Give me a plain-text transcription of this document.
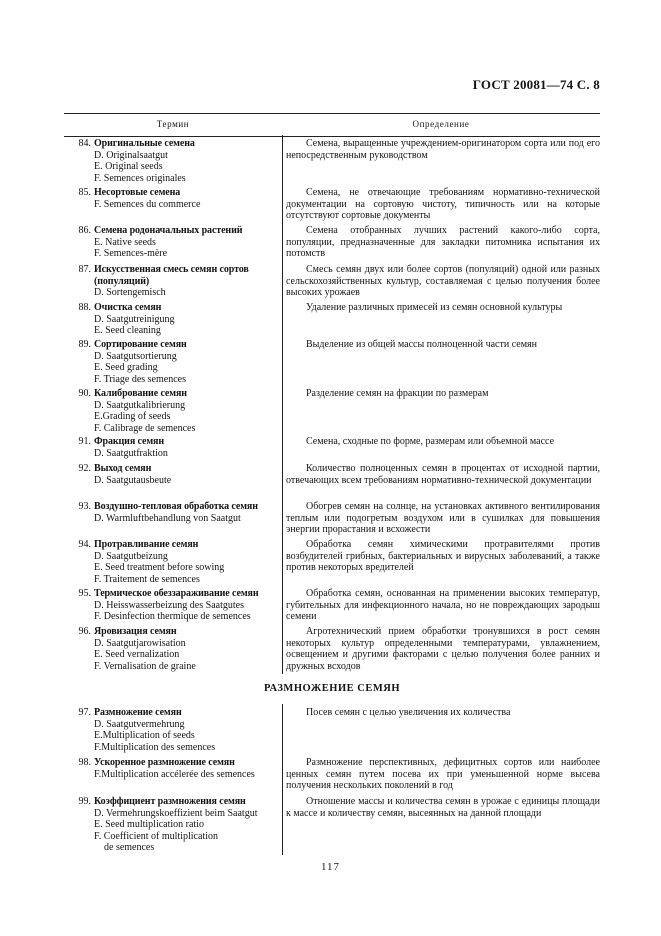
ГОСТ 20081—74 С. 8
Термин	Определение
84. Оригинальные семена
D. Originalsaatgut
E. Original seeds
F. Semences originales
Семена, выращенные учреждением-оригинатором сорта или под его непосредственным руководством
85. Несортовые семена
F. Semences du commerce
Семена, не отвечающие требованиям нормативно-технической документации на сортовую чистоту, типичность или на которые отсутствуют сортовые документы
86. Семена родоначальных растений
E. Native seeds
F. Semences-mère
Семена отобранных лучших растений какого-либо сорта, популяции, предназначенные для закладки питомника испытания их потомств
87. Искусственная смесь семян сортов (популяций)
D. Sortengemisch
Смесь семян двух или более сортов (популяций) одной или разных сельскохозяйственных культур, составляемая с целью получения более высоких урожаев
88. Очистка семян
D. Saatgutreinigung
E. Seed cleaning
Удаление различных примесей из семян основной культуры
89. Сортирование семян
D. Saatgutsortierung
E. Seed grading
F. Triage des semences
Выделение из общей массы полноценной части семян
90. Калибрование семян
D. Saatgutkalibrierung
E.Grading of seeds
F. Calibrage de semences
Разделение семян на фракции по размерам
91. Фракция семян
D. Saatgutfraktion
Семена, сходные по форме, размерам или объемной массе
92. Выход семян
D. Saatgutausbeute
Количество полноценных семян в процентах от исходной партии, отвечающих всем требованиям нормативно-технической документации
93. Воздушно-тепловая обработка семян
D. Warmluftbehandlung von Saatgut
Обогрев семян на солнце, на установках активного вентилирования теплым или подогретым воздухом или в сушилках для повышения энергии прорастания и всхожести
94. Протравливание семян
D. Saatgutbeizung
E. Seed treatment before sowing
F. Traitement de semences
Обработка семян химическими протравителями против возбудителей грибных, бактериальных и вирусных заболеваний, а также против некоторых вредителей
95. Термическое обеззараживание семян
D. Heisswasserbeizung des Saatgutes
F. Desinfection thermique de semences
Обработка семян, основанная на применении высоких температур, губительных для инфекционного начала, но не повреждающих зародыш семени
96. Яровизация семян
D. Saatgutjarowisation
E. Seed vernalization
F. Vernalisation de graine
Агротехнический прием обработки тронувшихся в рост семян некоторых культур определенными температурами, увлажнением, освещением и другими факторами с целью получения более ранних и дружных всходов
РАЗМНОЖЕНИЕ СЕМЯН
97. Размножение семян
D. Saatgutvermehrung
E.Multiplication of seeds
F.Multiplication des semences
Посев семян с целью увеличения их количества
98. Ускоренное размножение семян
F.Multiplication accélerée des semences
Размножение перспективных, дефицитных сортов или наиболее ценных семян путем посева их при уменьшенной норме высева получения нескольких поколений в год
99. Коэффициент размножения семян
D. Vermehrungskoeffizient beim Saatgut
E. Seed multiplication ratio
F. Coefficient of multiplication
de semences
Отношение массы и количества семян в урожае с единицы площади к массе и количеству семян, высеянных на данной площади
117
